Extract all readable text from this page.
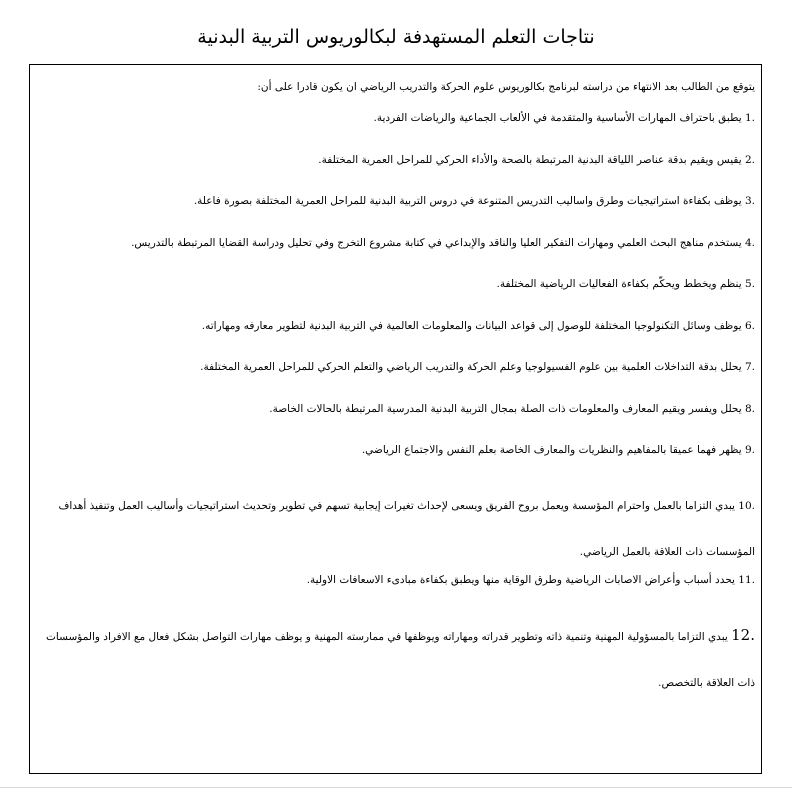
نتاجات التعلم المستهدفة لبكالوريوس التربية البدنية
يتوقع من الطالب بعد الانتهاء من دراسته لبرنامج بكالوريوس علوم الحركة والتدريب الرياضي ان يكون قادرا على أن:
1. يطبق باحتراف المهارات الأساسية والمتقدمة في الألعاب الجماعية والرياضات الفردية.
2. يقيس ويقيم بدقة عناصر اللياقة البدنية المرتبطة بالصحة والأداء الحركي للمراحل العمرية المختلفة.
3. يوظف بكفاءة استراتيجيات وطرق واساليب التدريس المتنوعة في دروس التربية البدنية للمراحل العمرية المختلفة بصورة فاعلة.
4. يستخدم مناهج البحث العلمي ومهارات التفكير العليا والناقد والإبداعي في كتابة مشروع التخرج وفي تحليل ودراسة القضايا المرتبطة بالتدريس.
5. ينظم ويخطط ويحكّم بكفاءة الفعاليات الرياضية المختلفة.
6. يوظف وسائل التكنولوجيا المختلفة للوصول إلى قواعد البيانات والمعلومات العالمية في التربية البدنية لتطوير معارفه ومهاراته.
7. يحلل بدقة التداخلات العلمية بين علوم الفسيولوجيا وعلم الحركة والتدريب الرياضي والتعلم الحركي للمراحل العمرية المختلفة.
8. يحلل ويفسر ويقيم المعارف والمعلومات ذات الصلة بمجال التربية البدنية المدرسية المرتبطة بالحالات الخاصة.
9. يظهر فهما عميقا بالمفاهيم والنظريات والمعارف الخاصة بعلم النفس والاجتماع الرياضي.
10. يبدي التزاما بالعمل واحترام المؤسسة ويعمل بروح الفريق ويسعى لإحداث تغيرات إيجابية تسهم في تطوير وتحديث استراتيجيات وأساليب العمل وتنفيذ أهداف المؤسسات ذات العلاقة بالعمل الرياضي.
11. يحدد أسباب وأعراض الاصابات الرياضية وطرق الوقاية منها ويطبق بكفاءة مبادىء الاسعافات الاولية.
12. يبدي التزاما بالمسؤولية المهنية وتنمية ذاته وتطوير قدراته ومهاراته ويوظفها في ممارسته المهنية و يوظف مهارات التواصل بشكل فعال مع الافراد والمؤسسات ذات العلاقة بالتخصص.
